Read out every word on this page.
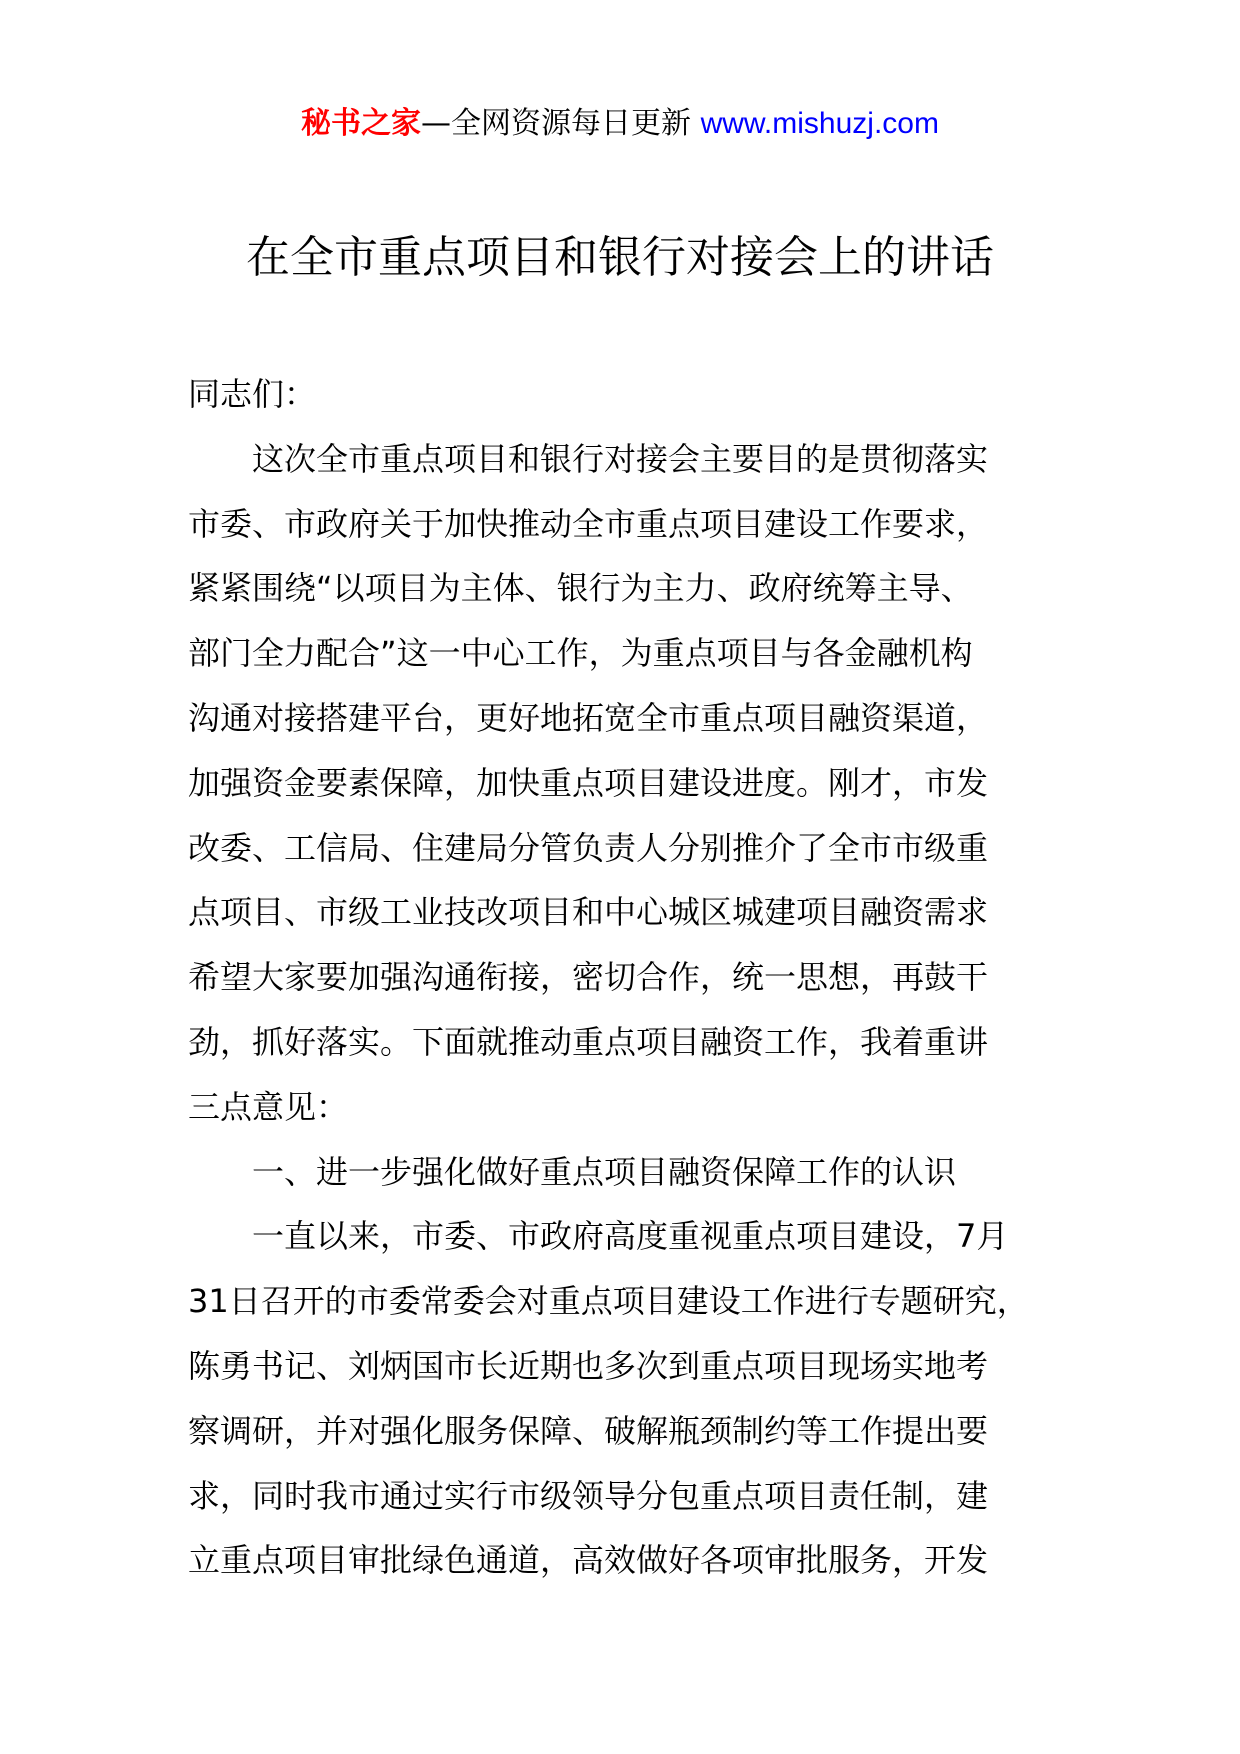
秘书之家—全网资源每日更新 www.mishuzj.com
在全市重点项目和银行对接会上的讲话
同志们：
这次全市重点项目和银行对接会主要目的是贯彻落实
市委、市政府关于加快推动全市重点项目建设工作要求，
紧紧围绕“以项目为主体、银行为主力、政府统筹主导、
部门全力配合”这一中心工作，为重点项目与各金融机构
沟通对接搭建平台，更好地拓宽全市重点项目融资渠道，
加强资金要素保障，加快重点项目建设进度。刚才，市发
改委、工信局、住建局分管负责人分别推介了全市市级重
点项目、市级工业技改项目和中心城区城建项目融资需求
希望大家要加强沟通衔接，密切合作，统一思想，再鼓干
劲，抓好落实。下面就推动重点项目融资工作，我着重讲
三点意见：
一、进一步强化做好重点项目融资保障工作的认识
一直以来，市委、市政府高度重视重点项目建设，7月
31日召开的市委常委会对重点项目建设工作进行专题研究，
陈勇书记、刘炳国市长近期也多次到重点项目现场实地考
察调研，并对强化服务保障、破解瓶颈制约等工作提出要
求，同时我市通过实行市级领导分包重点项目责任制，建
立重点项目审批绿色通道，高效做好各项审批服务，开发
